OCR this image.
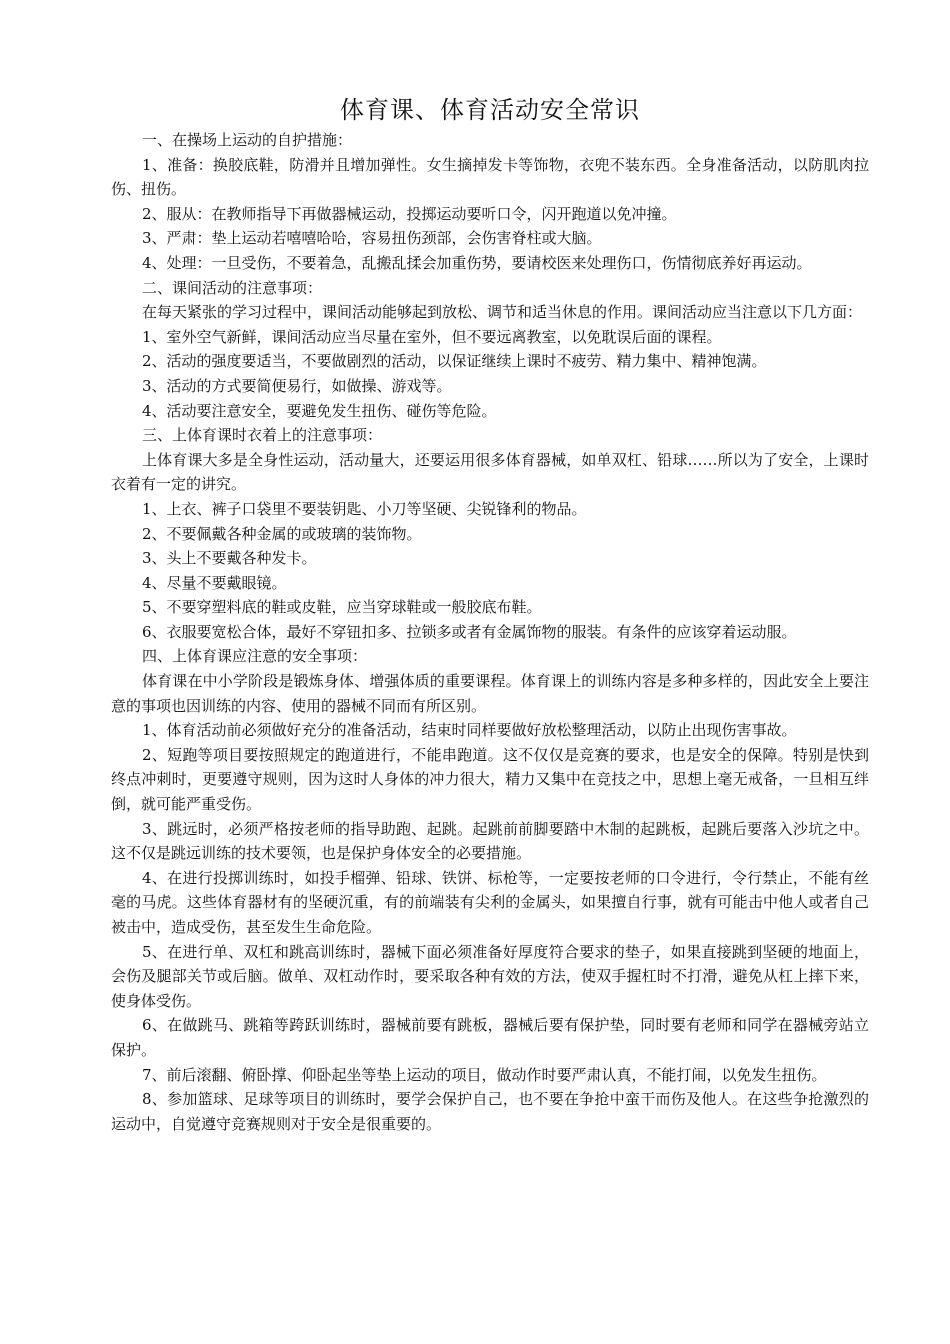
体育课、体育活动安全常识

一、在操场上运动的自护措施：

1、准备：换胶底鞋，防滑并且增加弹性。女生摘掉发卡等饰物，衣兜不装东西。全身准备活动，以防肌肉拉伤、扭伤。

2、服从：在教师指导下再做器械运动，投掷运动要听口令，闪开跑道以免冲撞。

3、严肃：垫上运动若嘻嘻哈哈，容易扭伤颈部，会伤害脊柱或大脑。

4、处理：一旦受伤，不要着急，乱搬乱揉会加重伤势，要请校医来处理伤口，伤情彻底养好再运动。

二、课间活动的注意事项：

在每天紧张的学习过程中，课间活动能够起到放松、调节和适当休息的作用。课间活动应当注意以下几方面：

1、室外空气新鲜，课间活动应当尽量在室外，但不要远离教室，以免耽误后面的课程。

2、活动的强度要适当，不要做剧烈的活动，以保证继续上课时不疲劳、精力集中、精神饱满。

3、活动的方式要简便易行，如做操、游戏等。

4、活动要注意安全，要避免发生扭伤、碰伤等危险。

三、上体育课时衣着上的注意事项：

上体育课大多是全身性运动，活动量大，还要运用很多体育器械，如单双杠、铅球……所以为了安全，上课时衣着有一定的讲究。

1、上衣、裤子口袋里不要装钥匙、小刀等坚硬、尖锐锋利的物品。

2、不要佩戴各种金属的或玻璃的装饰物。

3、头上不要戴各种发卡。

4、尽量不要戴眼镜。

5、不要穿塑料底的鞋或皮鞋，应当穿球鞋或一般胶底布鞋。

6、衣服要宽松合体，最好不穿钮扣多、拉锁多或者有金属饰物的服装。有条件的应该穿着运动服。

四、上体育课应注意的安全事项：

体育课在中小学阶段是锻炼身体、增强体质的重要课程。体育课上的训练内容是多种多样的，因此安全上要注意的事项也因训练的内容、使用的器械不同而有所区别。

1、体育活动前必须做好充分的准备活动，结束时同样要做好放松整理活动，以防止出现伤害事故。

2、短跑等项目要按照规定的跑道进行，不能串跑道。这不仅仅是竞赛的要求，也是安全的保障。特别是快到终点冲刺时，更要遵守规则，因为这时人身体的冲力很大，精力又集中在竞技之中，思想上毫无戒备，一旦相互绊倒，就可能严重受伤。

3、跳远时，必须严格按老师的指导助跑、起跳。起跳前前脚要踏中木制的起跳板，起跳后要落入沙坑之中。这不仅是跳远训练的技术要领，也是保护身体安全的必要措施。

4、在进行投掷训练时，如投手榴弹、铅球、铁饼、标枪等，一定要按老师的口令进行，令行禁止，不能有丝毫的马虎。这些体育器材有的坚硬沉重，有的前端装有尖利的金属头，如果擅自行事，就有可能击中他人或者自己被击中，造成受伤，甚至发生生命危险。

5、在进行单、双杠和跳高训练时，器械下面必须准备好厚度符合要求的垫子，如果直接跳到坚硬的地面上，会伤及腿部关节或后脑。做单、双杠动作时，要采取各种有效的方法，使双手握杠时不打滑，避免从杠上摔下来，使身体受伤。

6、在做跳马、跳箱等跨跃训练时，器械前要有跳板，器械后要有保护垫，同时要有老师和同学在器械旁站立保护。

7、前后滚翻、俯卧撑、仰卧起坐等垫上运动的项目，做动作时要严肃认真，不能打闹，以免发生扭伤。

8、参加篮球、足球等项目的训练时，要学会保护自己，也不要在争抢中蛮干而伤及他人。在这些争抢激烈的运动中，自觉遵守竞赛规则对于安全是很重要的。
